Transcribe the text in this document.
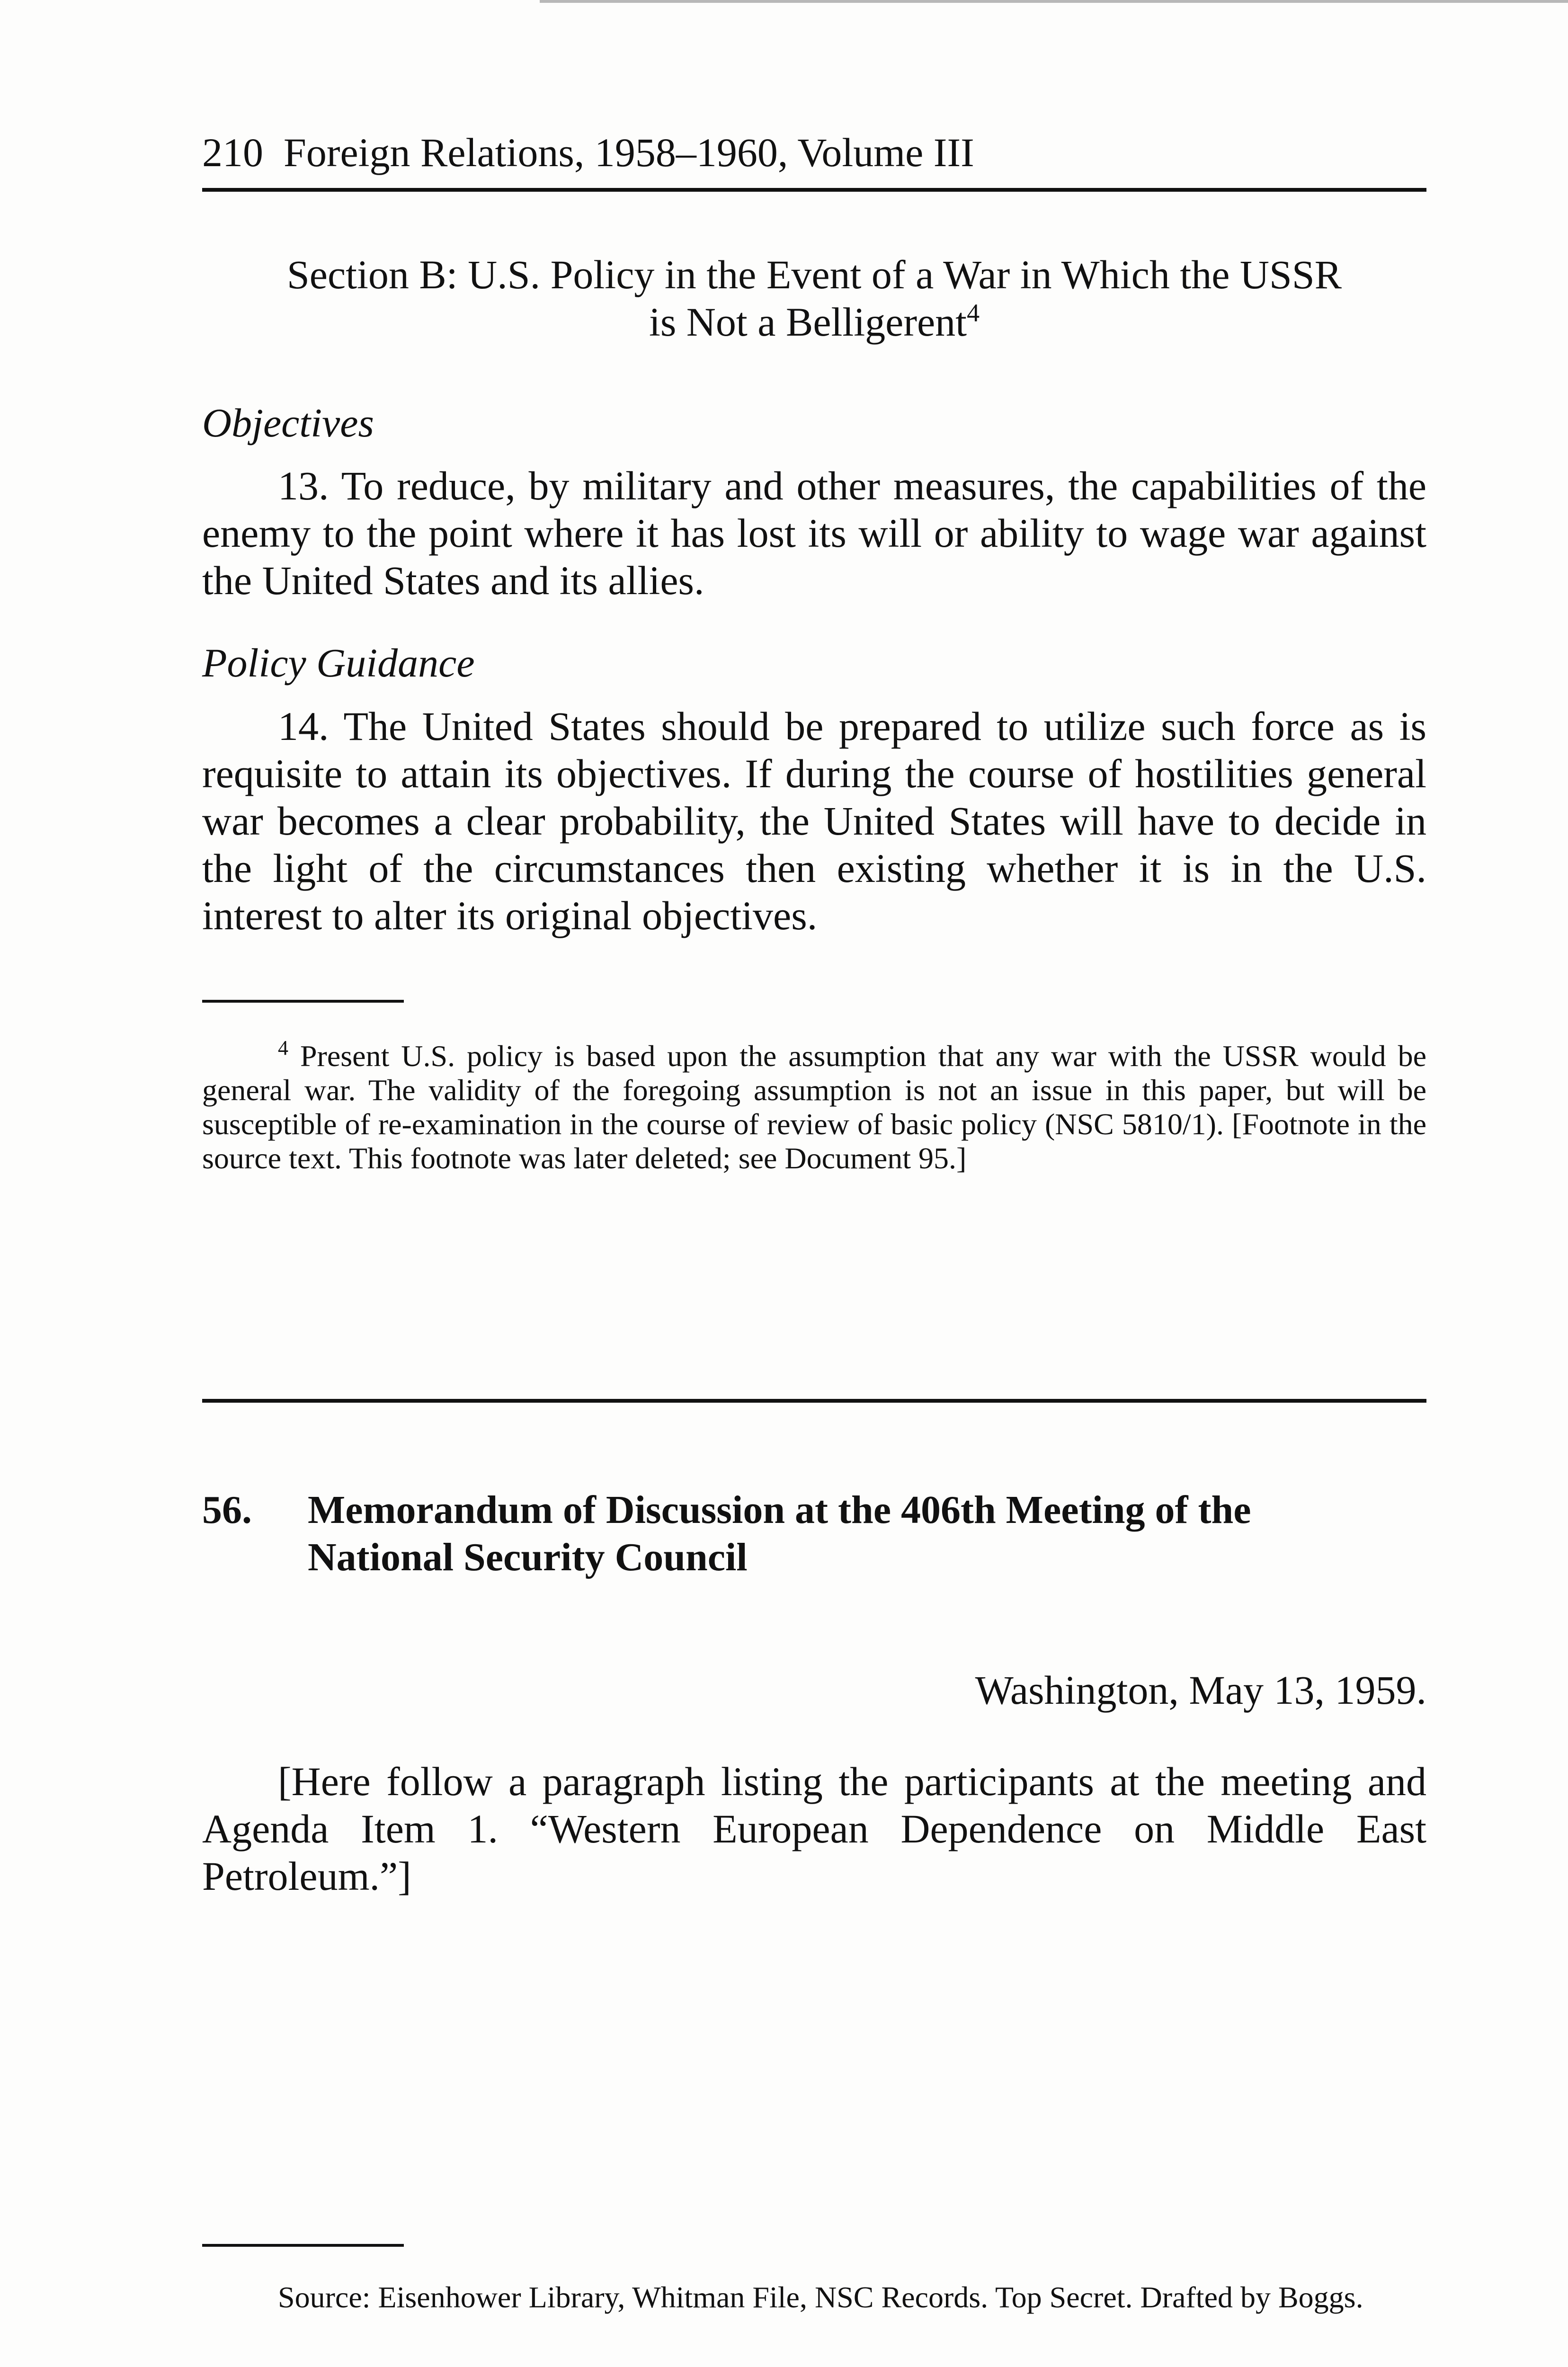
210 Foreign Relations, 1958–1960, Volume III
Section B: U.S. Policy in the Event of a War in Which the USSR
is Not a Belligerent$^4$
Objectives
13. To reduce, by military and other measures, the capabilities of the enemy to the point where it has lost its will or ability to wage war against the United States and its allies.
Policy Guidance
14. The United States should be prepared to utilize such force as is requisite to attain its objectives. If during the course of hostilities general war becomes a clear probability, the United States will have to decide in the light of the circumstances then existing whether it is in the U.S. interest to alter its original objectives.
$^4$ Present U.S. policy is based upon the assumption that any war with the USSR would be general war. The validity of the foregoing assumption is not an issue in this paper, but will be susceptible of re-examination in the course of review of basic policy (NSC 5810/1). [Footnote in the source text. This footnote was later deleted; see Document 95.]
56. Memorandum of Discussion at the 406th Meeting of the National Security Council
Washington, May 13, 1959.
[Here follow a paragraph listing the participants at the meeting and Agenda Item 1. “Western European Dependence on Middle East Petroleum.”]
Source: Eisenhower Library, Whitman File, NSC Records. Top Secret. Drafted by Boggs.
